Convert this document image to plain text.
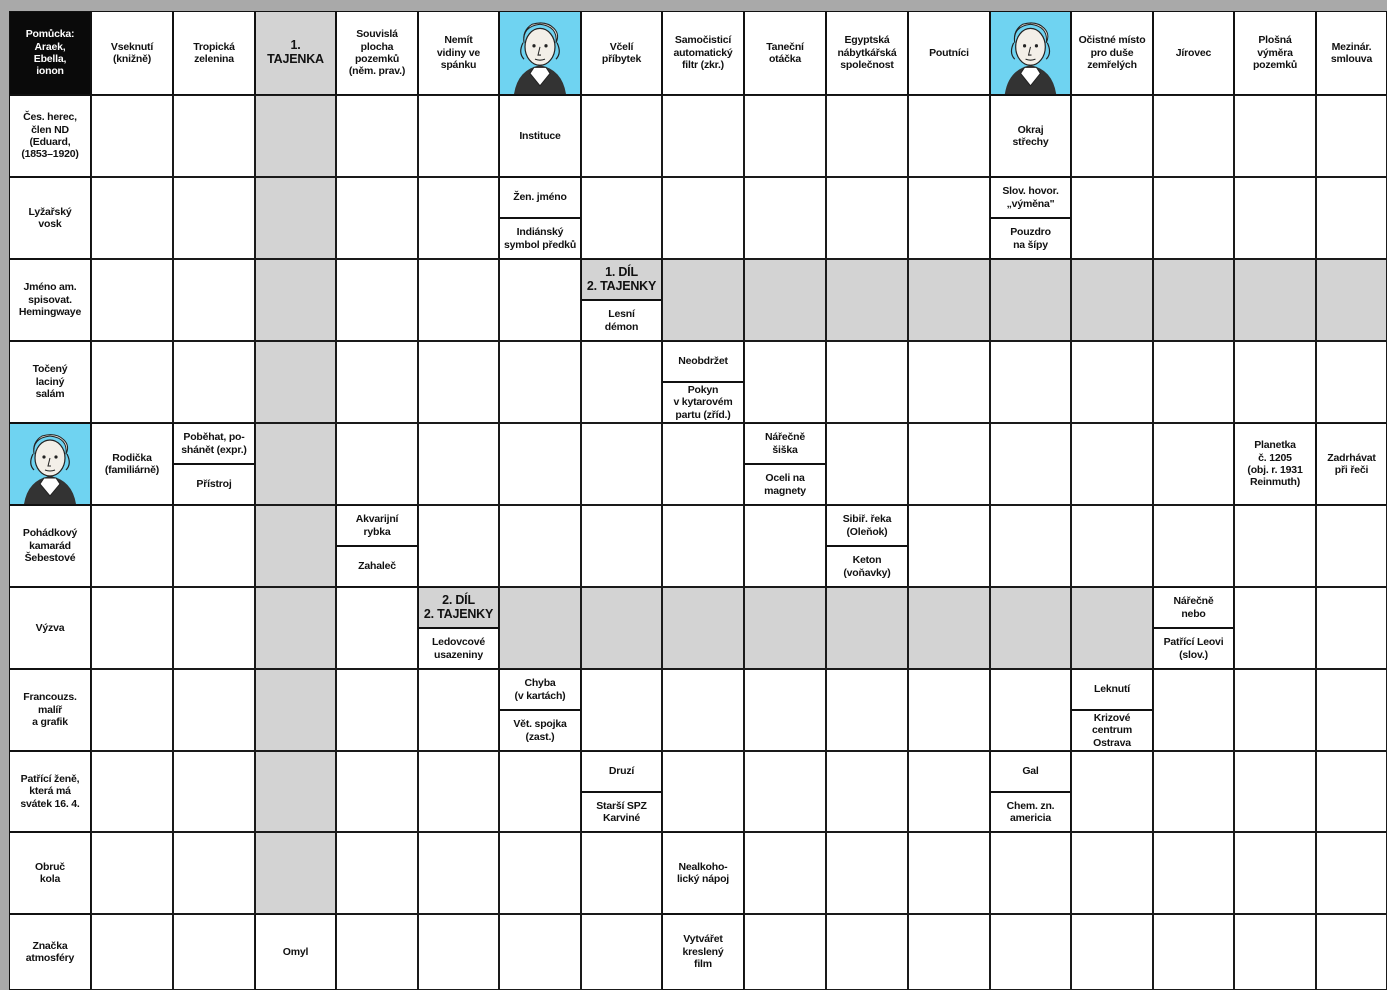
Pomůcka:
Araek,
Ebella,
ionon
Vseknutí
(knižně)
Tropická
zelenina
1.
TAJENKA
Souvislá
plocha
pozemků
(něm. prav.)
Nemít
vidiny ve
spánku
Včelí
příbytek
Samočisticí
automatický
filtr (zkr.)
Taneční
otáčka
Egyptská
nábytkářská
společnost
Poutníci
Očistné místo
pro duše
zemřelých
Jírovec
Plošná
výměra
pozemků
Mezinár.
smlouva
Čes. herec,
člen ND
(Eduard,
(1853–1920)
Lyžařský
vosk
Jméno am.
spisovat.
Hemingwaye
Točený
laciný
salám
Pohádkový
kamarád
Šebestové
Výzva
Francouzs.
malíř
a grafik
Patřící ženě,
která má
svátek 16. 4.
Obruč
kola
Značka
atmosféry
Instituce
Okraj
střechy
Žen. jméno
Indiánský
symbol předků
Slov. hovor.
„výměna"
Pouzdro
na šípy
1. DÍL
2. TAJENKY
Lesní
démon
Neobdržet
Pokyn
v kytarovém
partu (zříd.)
Rodička
(familiárně)
Poběhat, po-
shánět (expr.)
Přístroj
Nářečně
šiška
Oceli na
magnety
Planetka
č. 1205
(obj. r. 1931
Reinmuth)
Zadrhávat
při řeči
Akvarijní
rybka
Zahaleč
Sibiř. řeka
(Oleňok)
Keton
(voňavky)
2. DÍL
2. TAJENKY
Ledovcové
usazeniny
Nářečně
nebo
Patřící Leovi
(slov.)
Chyba
(v kartách)
Vět. spojka
(zast.)
Leknutí
Krizové centrum
Ostrava
Druzí
Starší SPZ
Karviné
Gal
Chem. zn.
americia
Nealkoho-
lický nápoj
Omyl
Vytvářet
kreslený
film
